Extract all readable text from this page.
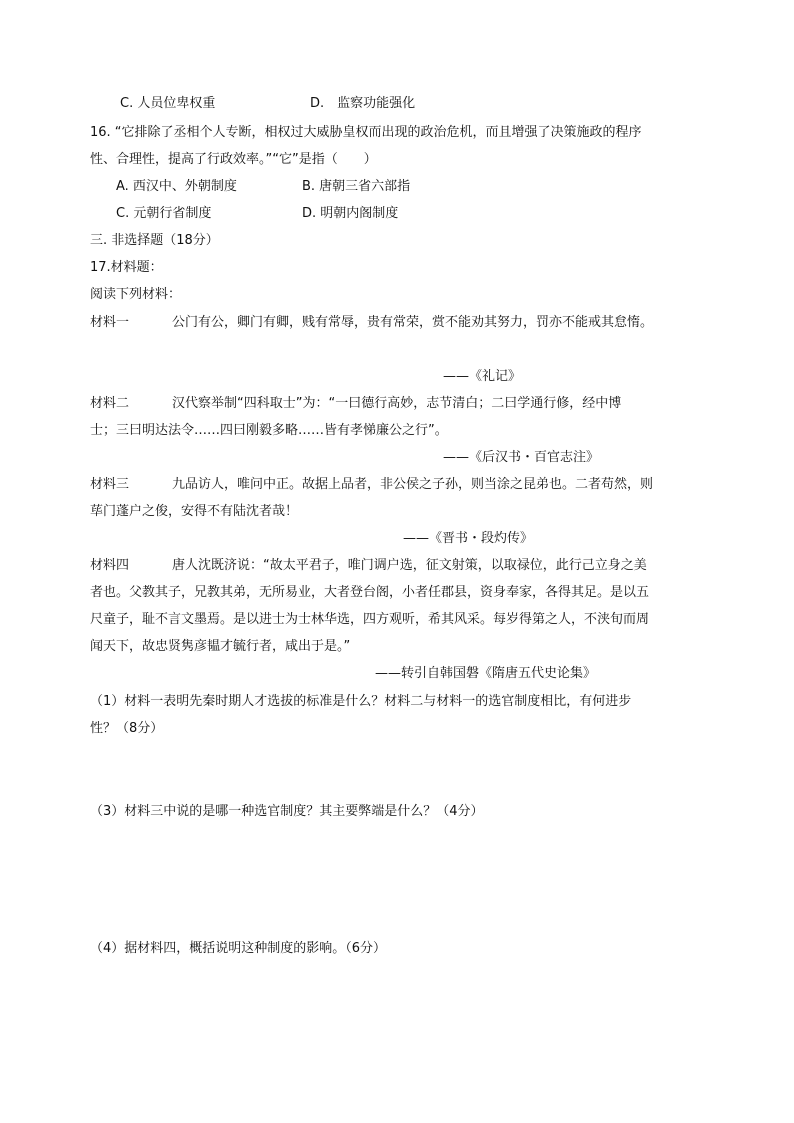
C. 人员位卑权重	D.　监察功能强化
16. “它排除了丞相个人专断，相权过大威胁皇权而出现的政治危机，而且增强了决策施政的程序
性、合理性，提高了行政效率。”“它”是指（　　）
A. 西汉中、外朝制度	B. 唐朝三省六部指
C. 元朝行省制度	D. 明朝内阁制度
三. 非选择题（18分）
17.材料题：
阅读下列材料：
材料一	公门有公，卿门有卿，贱有常辱，贵有常荣，赏不能劝其努力，罚亦不能戒其怠惰。
——《礼记》
材料二	汉代察举制“四科取士”为：“一曰德行高妙，志节清白；二曰学通行修，经中博
士；三曰明达法令……四曰刚毅多略……皆有孝悌廉公之行”。
——《后汉书・百官志注》
材料三	九品访人，唯问中正。故据上品者，非公侯之子孙，则当涂之昆弟也。二者苟然，则
荜门蓬户之俊，安得不有陆沈者哉！
——《晋书・段灼传》
材料四	唐人沈既济说：“故太平君子，唯门调户选，征文射策，以取禄位，此行己立身之美
者也。父教其子，兄教其弟，无所易业，大者登台阁，小者任郡县，资身奉家，各得其足。是以五
尺童子，耻不言文墨焉。是以进士为士林华选，四方观听，希其风采。每岁得第之人，不浃旬而周
闻天下，故忠贤隽彦韫才毓行者，咸出于是。”
——转引自韩国磐《隋唐五代史论集》
（1）材料一表明先秦时期人才选拔的标准是什么？材料二与材料一的选官制度相比，有何进步
性？（8分）
（3）材料三中说的是哪一种选官制度？其主要弊端是什么？（4分）
（4）据材料四，概括说明这种制度的影响。（6分）
